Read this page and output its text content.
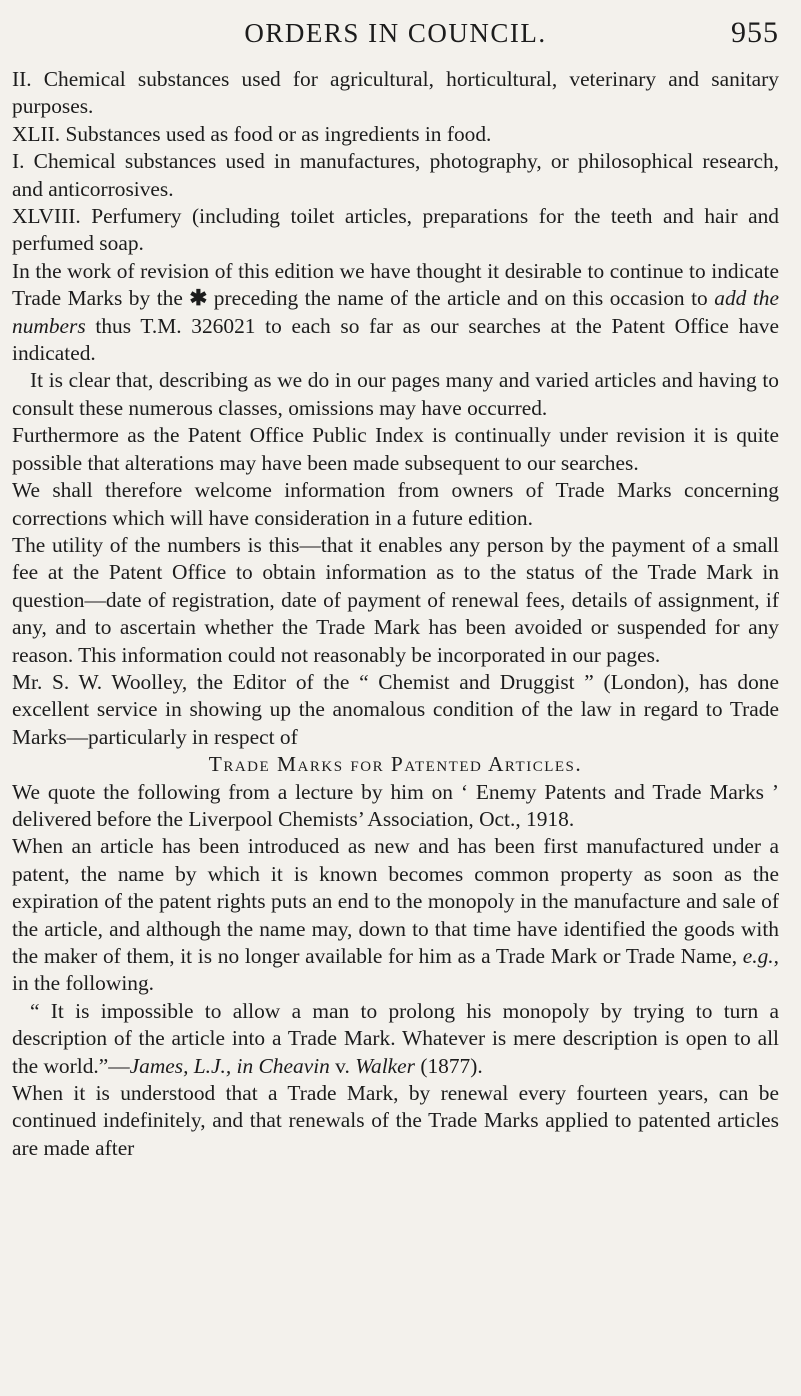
ORDERS IN COUNCIL.	955

II. Chemical substances used for agricultural, horticultural, veterinary and sanitary purposes.

XLII. Substances used as food or as ingredients in food.

I. Chemical substances used in manufactures, photography, or philosophical research, and anticorrosives.

XLVIII. Perfumery (including toilet articles, preparations for the teeth and hair and perfumed soap.

In the work of revision of this edition we have thought it desirable to continue to indicate Trade Marks by the ✱ preceding the name of the article and on this occasion to add the numbers thus T.M. 326021 to each so far as our searches at the Patent Office have indicated.

It is clear that, describing as we do in our pages many and varied articles and having to consult these numerous classes, omissions may have occurred.

Furthermore as the Patent Office Public Index is continually under revision it is quite possible that alterations may have been made subsequent to our searches.

We shall therefore welcome information from owners of Trade Marks concerning corrections which will have consideration in a future edition.

The utility of the numbers is this—that it enables any person by the payment of a small fee at the Patent Office to obtain information as to the status of the Trade Mark in question—date of registration, date of payment of renewal fees, details of assignment, if any, and to ascertain whether the Trade Mark has been avoided or suspended for any reason. This information could not reasonably be incorporated in our pages.

Mr. S. W. Woolley, the Editor of the “ Chemist and Druggist ” (London), has done excellent service in showing up the anomalous condition of the law in regard to Trade Marks—particularly in respect of

Trade Marks for Patented Articles.

We quote the following from a lecture by him on ‘ Enemy Patents and Trade Marks ’ delivered before the Liverpool Chemists’ Association, Oct., 1918.

When an article has been introduced as new and has been first manufactured under a patent, the name by which it is known becomes common property as soon as the expiration of the patent rights puts an end to the monopoly in the manufacture and sale of the article, and although the name may, down to that time have identified the goods with the maker of them, it is no longer available for him as a Trade Mark or Trade Name, e.g., in the following.

“ It is impossible to allow a man to prolong his monopoly by trying to turn a description of the article into a Trade Mark. Whatever is mere description is open to all the world.”—James, L.J., in Cheavin v. Walker (1877).

When it is understood that a Trade Mark, by renewal every fourteen years, can be continued indefinitely, and that renewals of the Trade Marks applied to patented articles are made after
